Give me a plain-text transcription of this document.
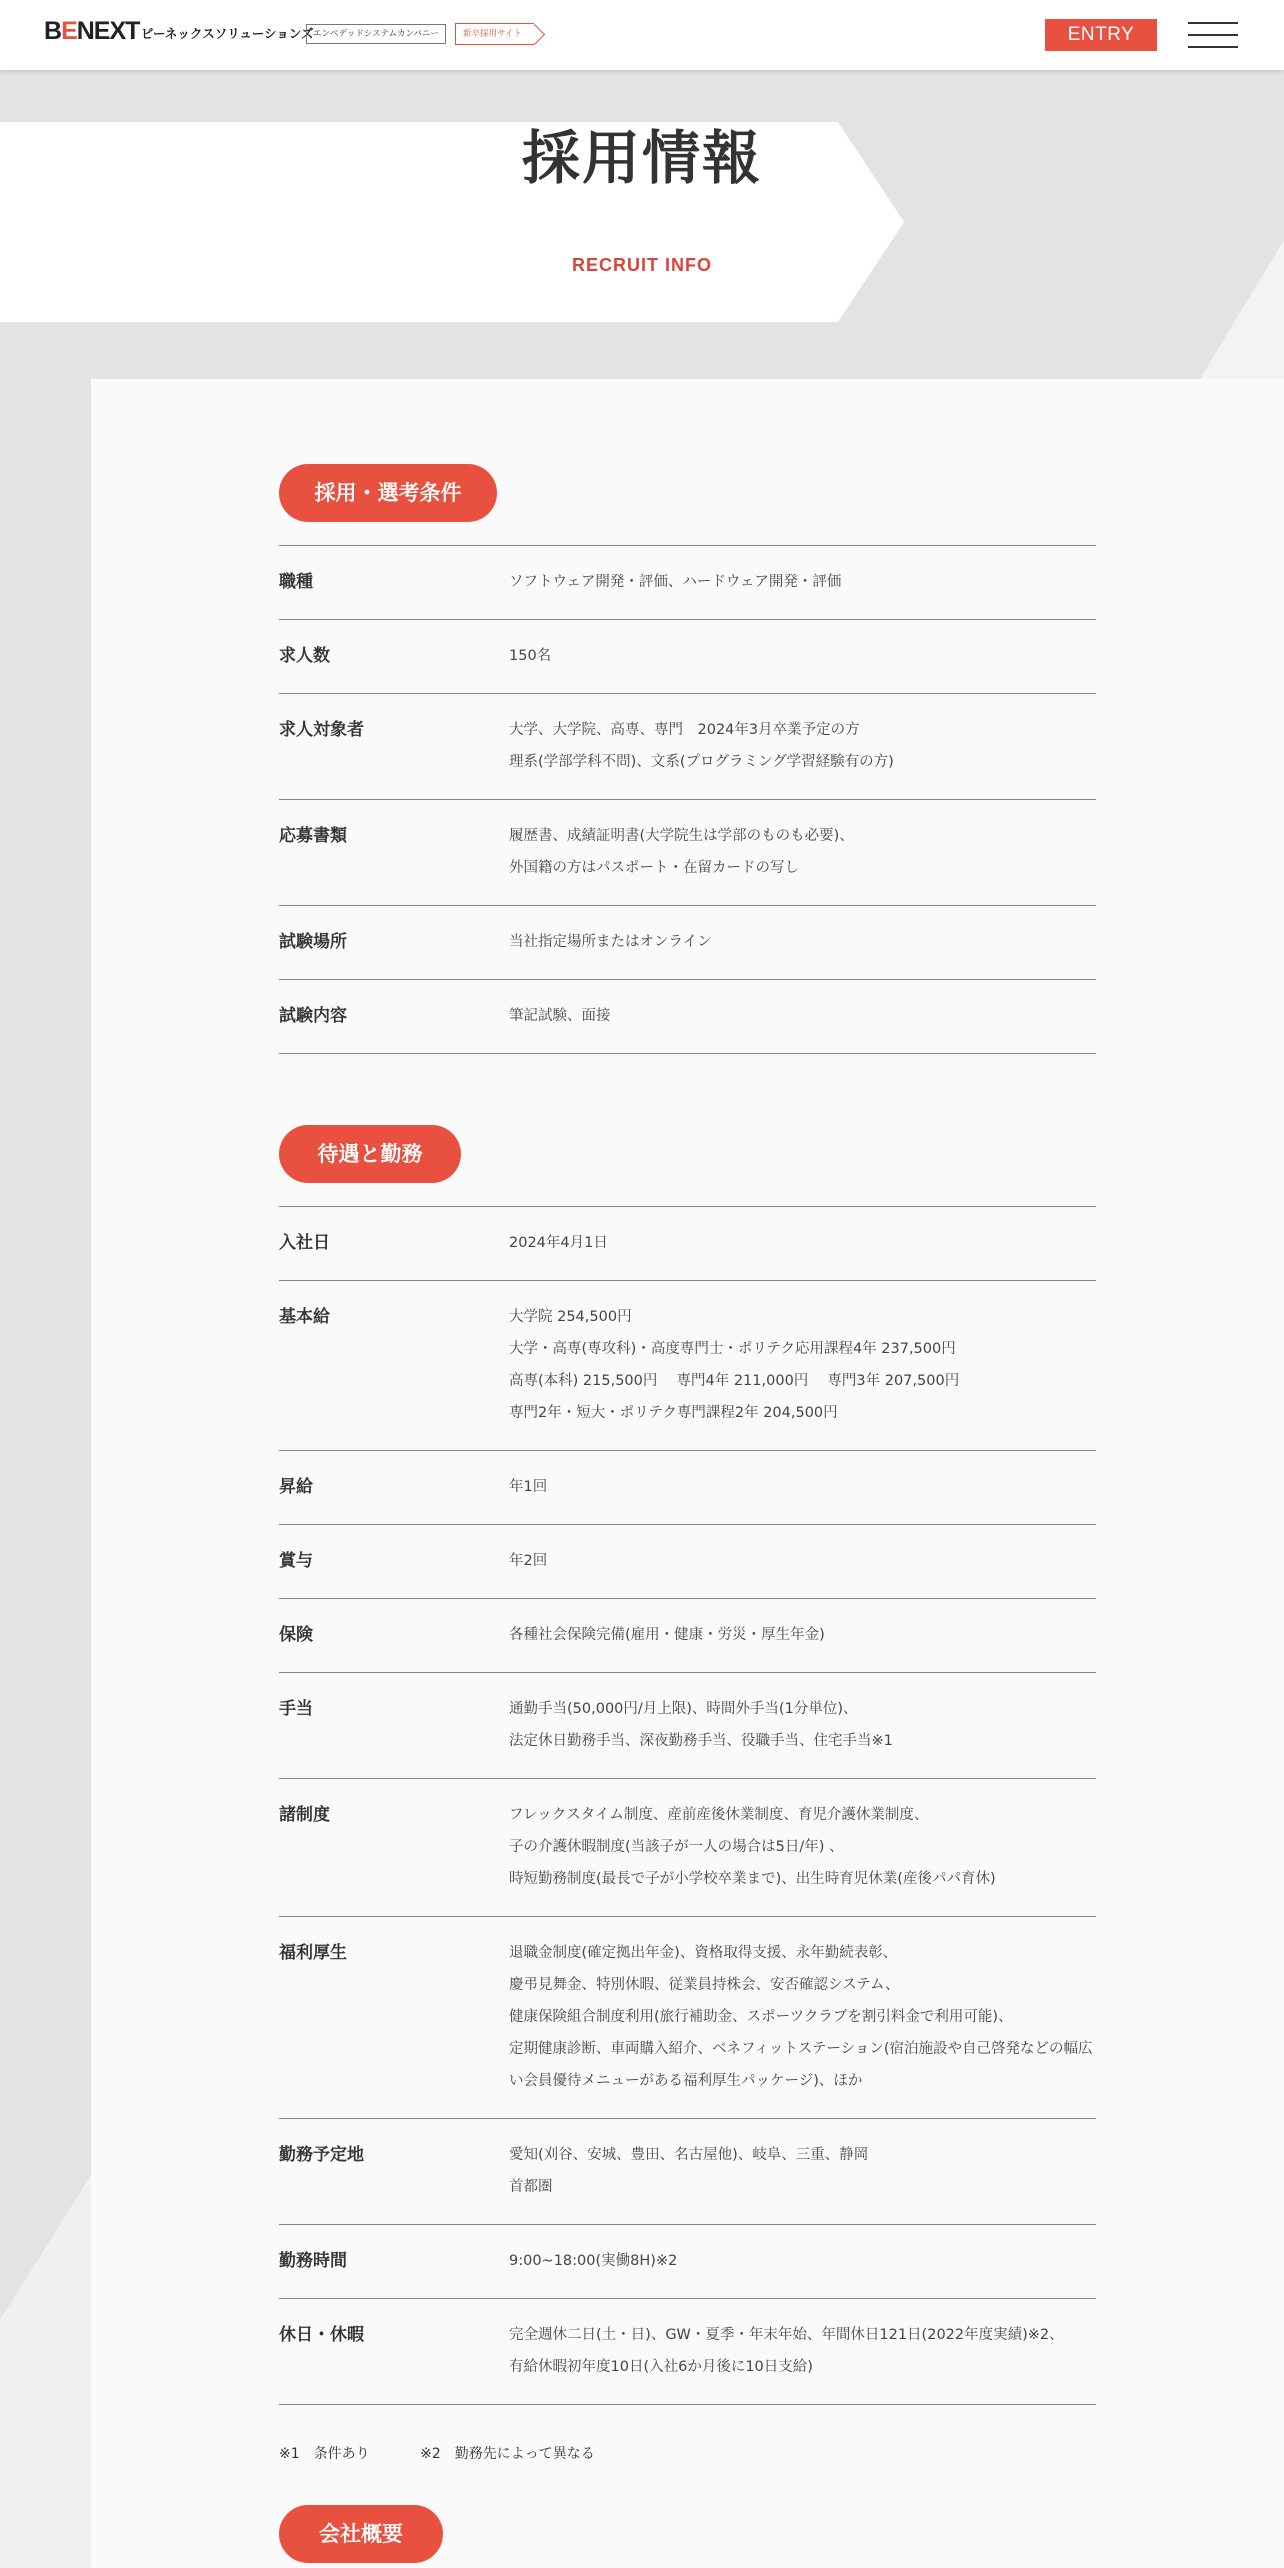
BENEXT ビーネックスソリューションズ エンベデッドシステムカンパニー	新卒採用サイト	ENTRY
採用情報
RECRUIT INFO
採用・選考条件
職種	ソフトウェア開発・評価、ハードウェア開発・評価

求人数	150名

求人対象者	大学、大学院、高専、専門　2024年3月卒業予定の方

理系(学部学科不問)、文系(プログラミング学習経験有の方)

応募書類	履歴書、成績証明書(大学院生は学部のものも必要)、

外国籍の方はパスポート・在留カードの写し

試験場所	当社指定場所またはオンライン

試験内容	筆記試験、面接

待遇と勤務
入社日	2024年4月1日

基本給	大学院 254,500円

大学・高専(専攻科)・高度専門士・ポリテク応用課程4年 237,500円

高専(本科) 215,500円　 専門4年 211,000円　 専門3年 207,500円

専門2年・短大・ポリテク専門課程2年 204,500円

昇給	年1回

賞与	年2回

保険	各種社会保険完備(雇用・健康・労災・厚生年金)

手当	通勤手当(50,000円/月上限)、時間外手当(1分単位)、

法定休日勤務手当、深夜勤務手当、役職手当、住宅手当※1

諸制度	フレックスタイム制度、産前産後休業制度、育児介護休業制度、

子の介護休暇制度(当該子が一人の場合は5日/年) 、

時短勤務制度(最長で子が小学校卒業まで)、出生時育児休業(産後パパ育休)

福利厚生	退職金制度(確定拠出年金)、資格取得支援、永年勤続表彰、

慶弔見舞金、特別休暇、従業員持株会、安否確認システム、

健康保険組合制度利用(旅行補助金、スポーツクラブを割引料金で利用可能)、

定期健康診断、車両購入紹介、ベネフィットステーション(宿泊施設や自己啓発などの幅広

い会員優待メニューがある福利厚生パッケージ)、ほか

勤務予定地	愛知(刈谷、安城、豊田、名古屋他)、岐阜、三重、静岡

首都圏

勤務時間	9:00~18:00(実働8H)※2

休日・休暇	完全週休二日(土・日)、GW・夏季・年末年始、年間休日121日(2022年度実績)※2、

有給休暇初年度10日(入社6か月後に10日支給)

※1　条件あり	※2　勤務先によって異なる
会社概要
